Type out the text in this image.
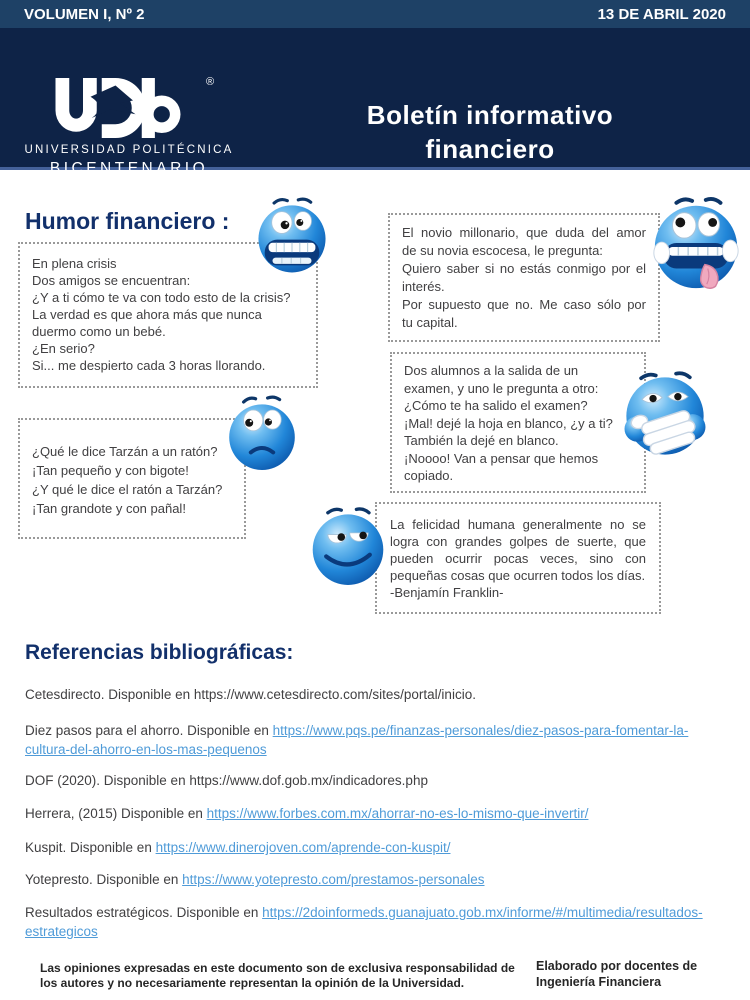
VOLUMEN I, Nº 2	13 DE ABRIL 2020
®
UNIVERSIDAD POLITÉCNICA
BICENTENARIO
Boletín informativo
financiero
Humor financiero :
En plena crisis
Dos amigos se encuentran:
¿Y a ti cómo te va con todo esto de la crisis?
La verdad es que ahora más que nunca
duermo como un bebé.
¿En serio?
Si... me despierto cada 3 horas llorando.
El novio millonario, que duda del amor
de su novia escocesa, le pregunta:
Quiero saber si no estás conmigo por el
interés.
Por supuesto que no. Me caso sólo por
tu capital.
¿Qué le dice Tarzán a un ratón?
¡Tan pequeño y con bigote!
¿Y qué le dice el ratón a Tarzán?
¡Tan grandote y con pañal!
Dos alumnos a la salida de un
examen, y uno le pregunta a otro:
¿Cómo te ha salido el examen?
¡Mal! dejé la hoja en blanco, ¿y a ti?
También la dejé en blanco.
¡Noooo! Van a pensar que hemos
copiado.
La felicidad humana generalmente no se
logra con grandes golpes de suerte, que
pueden ocurrir pocas veces, sino con
pequeñas cosas que ocurren todos los días.
-Benjamín Franklin-
Referencias bibliográficas:
Cetesdirecto. Disponible en https://www.cetesdirecto.com/sites/portal/inicio.
Diez pasos para el ahorro. Disponible en https://www.pqs.pe/finanzas-personales/diez-pasos-para-fomentar-la-cultura-del-ahorro-en-los-mas-pequenos
DOF (2020). Disponible en https://www.dof.gob.mx/indicadores.php
Herrera, (2015) Disponible en https://www.forbes.com.mx/ahorrar-no-es-lo-mismo-que-invertir/
Kuspit. Disponible en https://www.dinerojoven.com/aprende-con-kuspit/
Yotepresto. Disponible en https://www.yotepresto.com/prestamos-personales
Resultados estratégicos. Disponible en https://2doinformeds.guanajuato.gob.mx/informe/#/multimedia/resultados-estrategicos
Las opiniones expresadas en este documento son de exclusiva responsabilidad de
los autores y no necesariamente representan la opinión de la Universidad.
Elaborado por docentes de
Ingeniería Financiera
